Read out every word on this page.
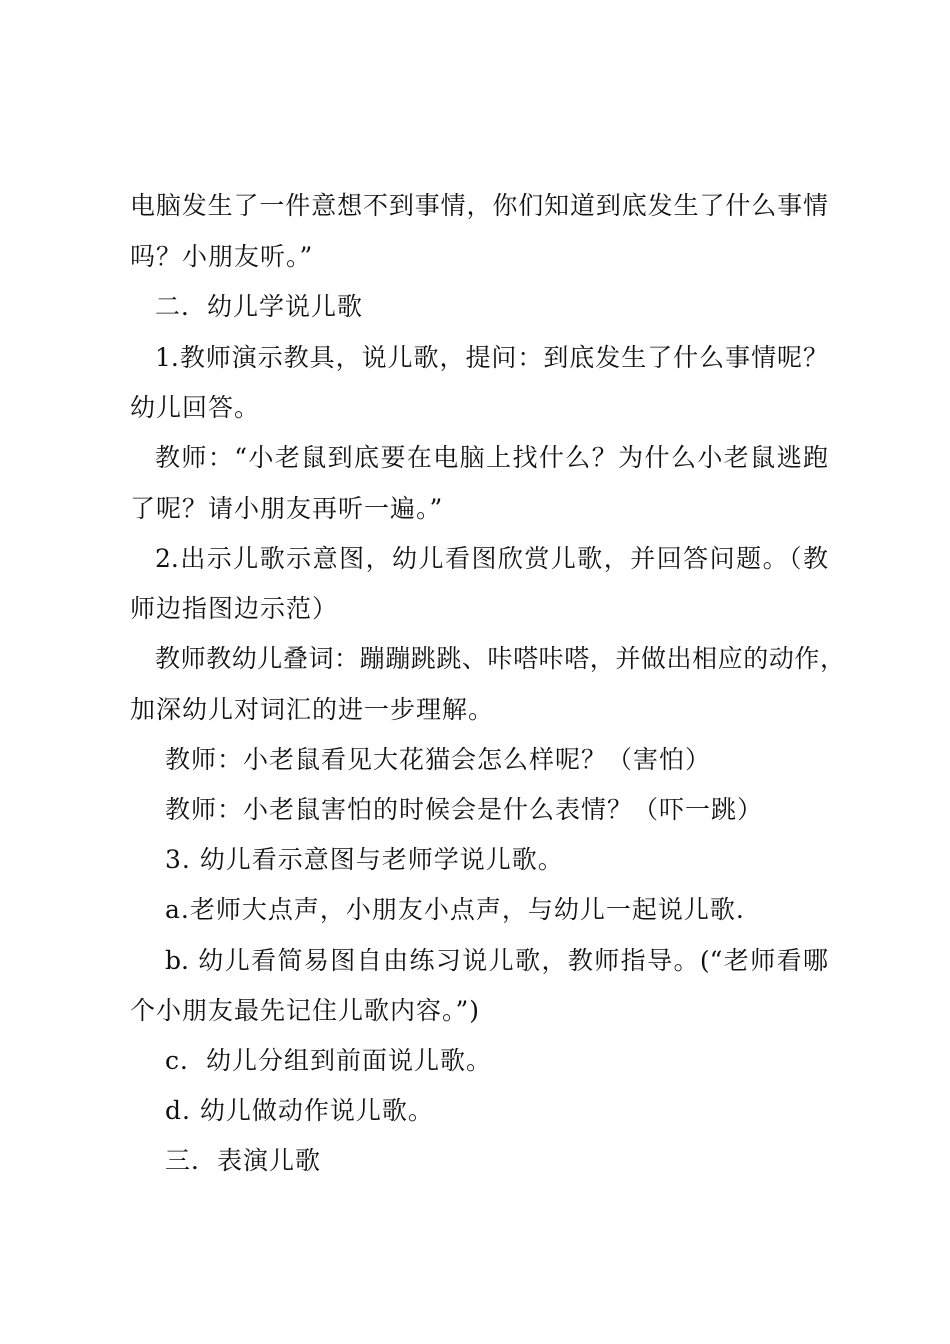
电脑发生了一件意想不到事情，你们知道到底发生了什么事情
吗？小朋友听。”
二．幼儿学说儿歌
1.教师演示教具，说儿歌，提问：到底发生了什么事情呢？
幼儿回答。
教师：“小老鼠到底要在电脑上找什么？为什么小老鼠逃跑
了呢？请小朋友再听一遍。”
2.出示儿歌示意图，幼儿看图欣赏儿歌，并回答问题。（教
师边指图边示范）
教师教幼儿叠词：蹦蹦跳跳、咔嗒咔嗒，并做出相应的动作，
加深幼儿对词汇的进一步理解。
教师：小老鼠看见大花猫会怎么样呢？（害怕）
教师：小老鼠害怕的时候会是什么表情？（吓一跳）
3. 幼儿看示意图与老师学说儿歌。
a.老师大点声，小朋友小点声，与幼儿一起说儿歌.
b. 幼儿看简易图自由练习说儿歌，教师指导。(“老师看哪
个小朋友最先记住儿歌内容。”)
c．幼儿分组到前面说儿歌。
d. 幼儿做动作说儿歌。
三．表演儿歌
